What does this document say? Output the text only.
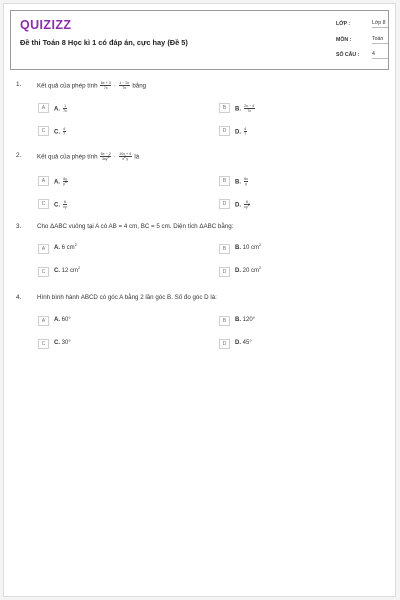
QUIZIZZ
Đề thi Toán 8 Học kì 1 có đáp án, cực hay (Đề 5)
LỚP :	Lớp 8
MÔN :	Toán
SỐ CÂU : 4
1.	Kết quả của phép tính $\frac{6x + 3}{7x} \cdot \frac{1 - 2x}{7x}$ bằng
A	A. $\frac{1}{7x}$	B	B. $\frac{2x - 4}{7x}$
C	C. $\frac{4}{7}$	D	D. $\frac{4}{7}$
2.	Kết quả của phép tính $\frac{5x - 2}{3xy^2} \cdot \frac{10x + 4}{x^2y}$ là
A	A. $\frac{6x}{y^2}$	B	B. $\frac{6x}{y}$
C	C. $\frac{6}{xy}$	D	D. $\frac{6}{xy^2}$
3.	Cho ΔABC vuông tại A có AB = 4 cm, BC = 5 cm. Diện tích ΔABC bằng:
A	A. 6 $cm^2$
B	B. 10 $cm^2$
C	C. 12 $cm^2$
D	D. 20 $cm^2$
4.	Hình bình hành ABCD có góc A bằng 2 lần góc B. Số đo góc D là:
A	A. 60°	B	B. 120°
C	C. 30°	D	D. 45°
